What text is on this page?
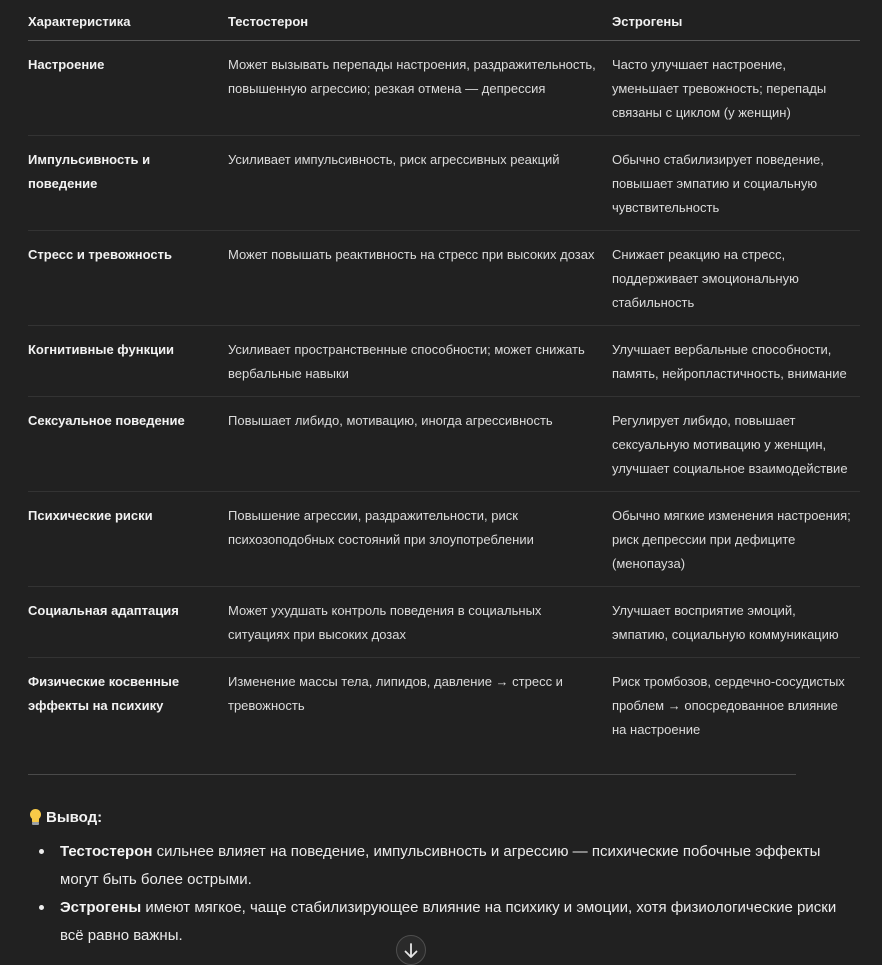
Характеристика	Тестостерон	Эстрогены
Настроение	Может вызывать перепады настроения, раздражительность, повышенную агрессию; резкая отмена — депрессия	Часто улучшает настроение, уменьшает тревожность; перепады связаны с циклом (у женщин)
Импульсивность и поведение	Усиливает импульсивность, риск агрессивных реакций	Обычно стабилизирует поведение, повышает эмпатию и социальную чувствительность
Стресс и тревожность	Может повышать реактивность на стресс при высоких дозах	Снижает реакцию на стресс, поддерживает эмоциональную стабильность
Когнитивные функции	Усиливает пространственные способности; может снижать вербальные навыки	Улучшает вербальные способности, память, нейропластичность, внимание
Сексуальное поведение	Повышает либидо, мотивацию, иногда агрессивность	Регулирует либидо, повышает сексуальную мотивацию у женщин, улучшает социальное взаимодействие
Психические риски	Повышение агрессии, раздражительности, риск психозоподобных состояний при злоупотреблении	Обычно мягкие изменения настроения; риск депрессии при дефиците (менопауза)
Социальная адаптация	Может ухудшать контроль поведения в социальных ситуациях при высоких дозах	Улучшает восприятие эмоций, эмпатию, социальную коммуникацию
Физические косвенные эффекты на психику	Изменение массы тела, липидов, давление → стресс и тревожность	Риск тромбозов, сердечно-сосудистых проблем → опосредованное влияние на настроение
Вывод:
Тестостерон сильнее влияет на поведение, импульсивность и агрессию — психические побочные эффекты могут быть более острыми.
Эстрогены имеют мягкое, чаще стабилизирующее влияние на психику и эмоции, хотя физиологические риски всё равно важны.
